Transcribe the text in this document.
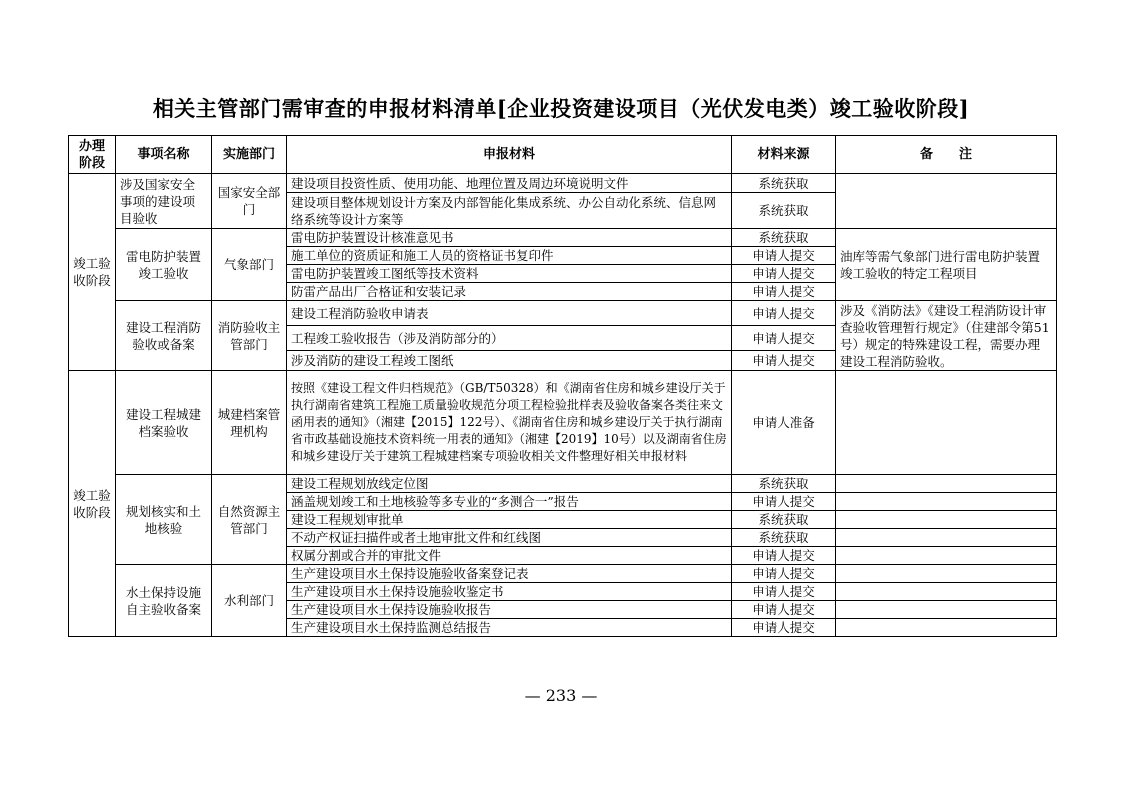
相关主管部门需审查的申报材料清单[企业投资建设项目（光伏发电类）竣工验收阶段]
办理阶段	事项名称	实施部门	申报材料	材料来源	备　　注
竣工验收阶段	涉及国家安全事项的建设项目验收	国家安全部门	建设项目投资性质、使用功能、地理位置及周边环境说明文件	系统获取	
			建设项目整体规划设计方案及内部智能化集成系统、办公自动化系统、信息网络系统等设计方案等	系统获取	
	雷电防护装置竣工验收	气象部门	雷电防护装置设计核准意见书	系统获取	油库等需气象部门进行雷电防护装置竣工验收的特定工程项目
			施工单位的资质证和施工人员的资格证书复印件	申请人提交	
			雷电防护装置竣工图纸等技术资料	申请人提交	
			防雷产品出厂合格证和安装记录	申请人提交	
	建设工程消防验收或备案	消防验收主管部门	建设工程消防验收申请表	申请人提交	涉及《消防法》《建设工程消防设计审查验收管理暂行规定》（住建部令第51号）规定的特殊建设工程，需要办理建设工程消防验收。
			工程竣工验收报告（涉及消防部分的）	申请人提交	
			涉及消防的建设工程竣工图纸	申请人提交	
竣工验收阶段	建设工程城建档案验收	城建档案管理机构	按照《建设工程文件归档规范》（GB/T50328）和《湖南省住房和城乡建设厅关于执行湖南省建筑工程施工质量验收规范分项工程检验批样表及验收备案各类往来文函用表的通知》（湘建【2015】122号）、《湖南省住房和城乡建设厅关于执行湖南省市政基础设施技术资料统一用表的通知》（湘建【2019】10号）以及湖南省住房和城乡建设厅关于建筑工程城建档案专项验收相关文件整理好相关申报材料	申请人准备	
	规划核实和土地核验	自然资源主管部门	建设工程规划放线定位图	系统获取	
			涵盖规划竣工和土地核验等多专业的“多测合一”报告	申请人提交	
			建设工程规划审批单	系统获取	
			不动产权证扫描件或者土地审批文件和红线图	系统获取	
			权属分割或合并的审批文件	申请人提交	
	水土保持设施自主验收备案	水利部门	生产建设项目水土保持设施验收备案登记表	申请人提交	
			生产建设项目水土保持设施验收鉴定书	申请人提交	
			生产建设项目水土保持设施验收报告	申请人提交	
			生产建设项目水土保持监测总结报告	申请人提交	
— 233 —
